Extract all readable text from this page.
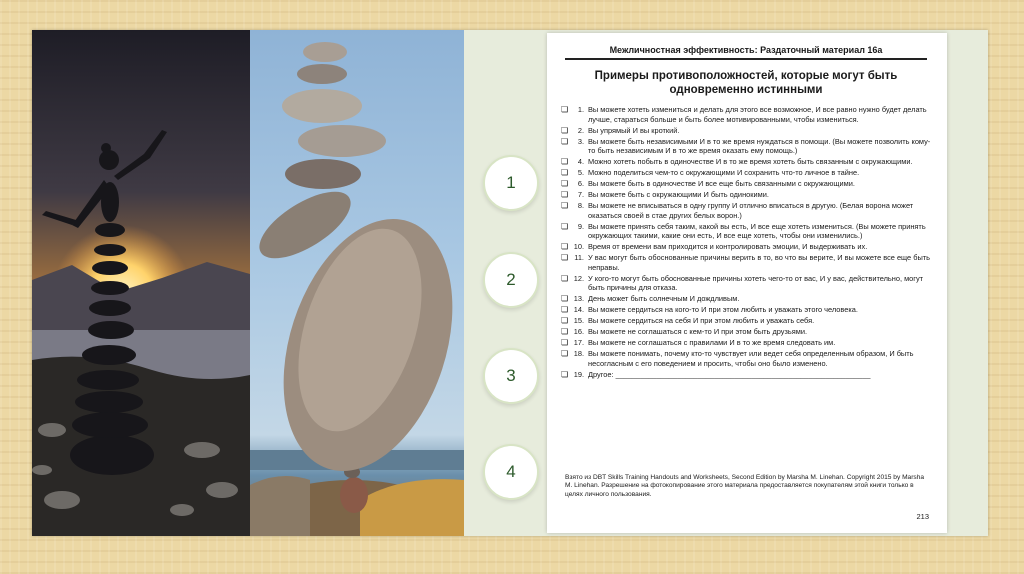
1
2
3
4
Межличностная эффективность: Раздаточный материал 16а
Примеры противоположностей, которые могут быть одновременно истинными
❏	1. Вы можете хотеть измениться и делать для этого все возможное, И все равно нужно будет делать лучше, стараться больше и быть более мотивированными, чтобы измениться.
❏	2. Вы упрямый И вы кроткий.
❏	3. Вы можете быть независимыми И в то же время нуждаться в помощи. (Вы можете позволить кому-то быть независимым И в то же время оказать ему помощь.)
❏	4. Можно хотеть побыть в одиночестве И в то же время хотеть быть связанным с окружающими.
❏	5. Можно поделиться чем-то с окружающими И сохранить что-то личное в тайне.
❏	6. Вы можете быть в одиночестве И все еще быть связанными с окружающими.
❏	7. Вы можете быть с окружающими И быть одинокими.
❏	8. Вы можете не вписываться в одну группу И отлично вписаться в другую. (Белая ворона может оказаться своей в стае других белых ворон.)
❏	9. Вы можете принять себя таким, какой вы есть, И все еще хотеть измениться. (Вы можете принять окружающих такими, какие они есть, И все еще хотеть, чтобы они изменились.)
❏ 10. Время от времени вам приходится и контролировать эмоции, И выдерживать их.
❏ 11. У вас могут быть обоснованные причины верить в то, во что вы верите, И вы можете все еще быть неправы.
❏ 12. У кого-то могут быть обоснованные причины хотеть чего-то от вас, И у вас, действительно, могут быть причины для отказа.
❏ 13. День может быть солнечным И дождливым.
❏ 14. Вы можете сердиться на кого-то И при этом любить и уважать этого человека.
❏ 15. Вы можете сердиться на себя И при этом любить и уважать себя.
❏ 16. Вы можете не соглашаться с кем-то И при этом быть друзьями.
❏ 17. Вы можете не соглашаться с правилами И в то же время следовать им.
❏ 18. Вы можете понимать, почему кто-то чувствует или ведет себя определенным образом, И быть несогласным с его поведением и просить, чтобы оно было изменено.
❏ 19. Другое: ______________________________________________________________
Взято из DBT Skills Training Handouts and Worksheets, Second Edition by Marsha M. Linehan. Copyright 2015 by Marsha M. Linehan. Разрешение на фотокопирование этого материала предоставляется покупателям этой книги только в целях личного пользования.
213
